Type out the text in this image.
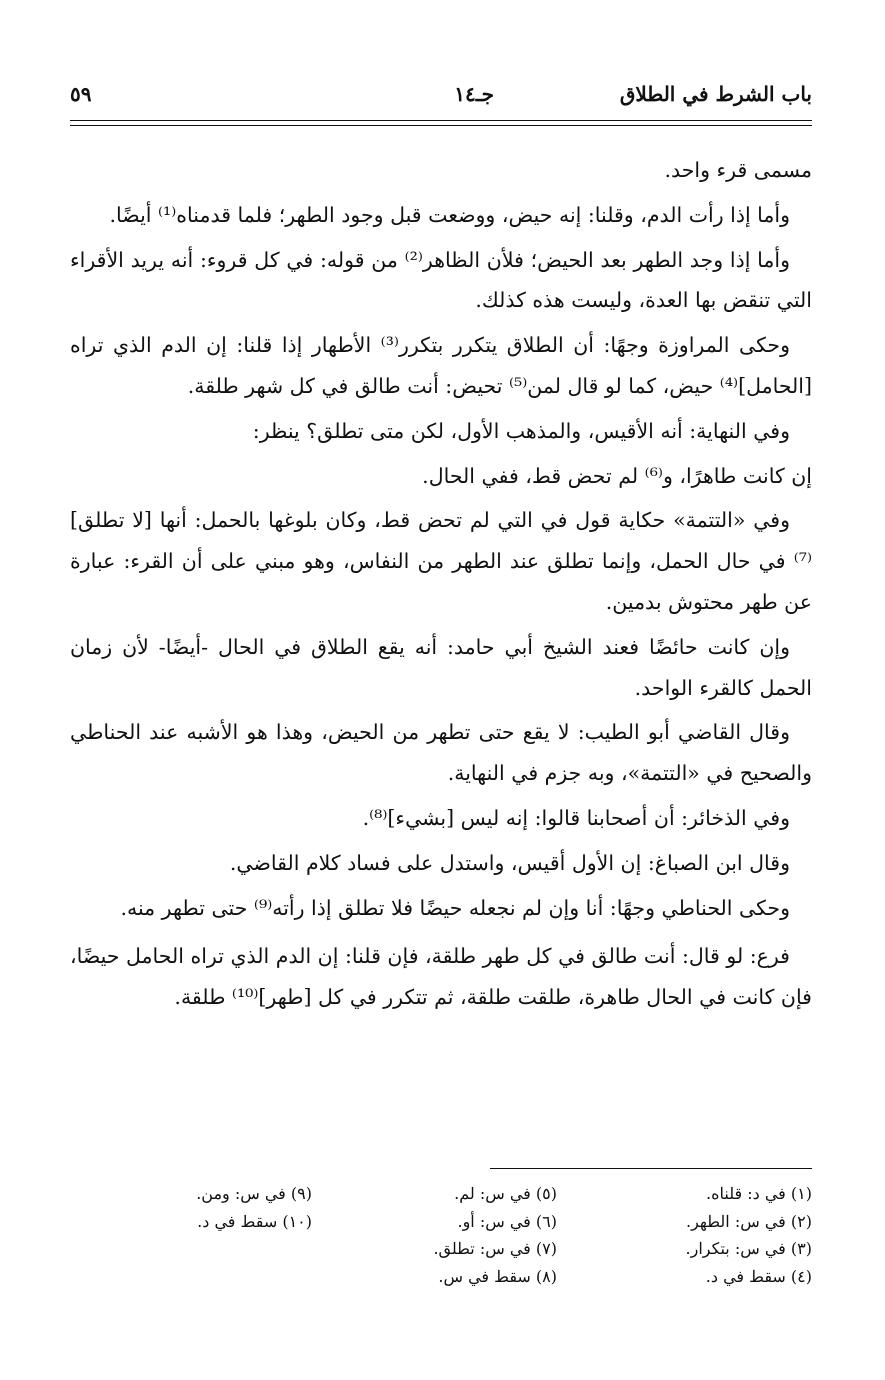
باب الشرط في الطلاق
جـ١٤
٥٩

مسمى قرء واحد.

وأما إذا رأت الدم، وقلنا: إنه حيض، ووضعت قبل وجود الطهر؛ فلما قدمناه⁽¹⁾ أيضًا.

وأما إذا وجد الطهر بعد الحيض؛ فلأن الظاهر⁽²⁾ من قوله: في كل قروء: أنه يريد الأقراء التي تنقض بها العدة، وليست هذه كذلك.

وحكى المراوزة وجهًا: أن الطلاق يتكرر بتكرر⁽³⁾ الأطهار إذا قلنا: إن الدم الذي تراه [الحامل]⁽⁴⁾ حيض، كما لو قال لمن⁽⁵⁾ تحيض: أنت طالق في كل شهر طلقة.

وفي النهاية: أنه الأقيس، والمذهب الأول، لكن متى تطلق؟ ينظر:

إن كانت طاهرًا، و⁽⁶⁾ لم تحض قط، ففي الحال.

وفي «التتمة» حكاية قول في التي لم تحض قط، وكان بلوغها بالحمل: أنها [لا تطلق]⁽⁷⁾ في حال الحمل، وإنما تطلق عند الطهر من النفاس، وهو مبني على أن القرء: عبارة عن طهر محتوش بدمين.

وإن كانت حائضًا فعند الشيخ أبي حامد: أنه يقع الطلاق في الحال -أيضًا- لأن زمان الحمل كالقرء الواحد.

وقال القاضي أبو الطيب: لا يقع حتى تطهر من الحيض، وهذا هو الأشبه عند الحناطي والصحيح في «التتمة»، وبه جزم في النهاية.

وفي الذخائر: أن أصحابنا قالوا: إنه ليس [بشيء]⁽⁸⁾.

وقال ابن الصباغ: إن الأول أقيس، واستدل على فساد كلام القاضي.

وحكى الحناطي وجهًا: أنا وإن لم نجعله حيضًا فلا تطلق إذا رأته⁽⁹⁾ حتى تطهر منه.

فرع: لو قال: أنت طالق في كل طهر طلقة، فإن قلنا: إن الدم الذي تراه الحامل حيضًا، فإن كانت في الحال طاهرة، طلقت طلقة، ثم تتكرر في كل [طهر]⁽¹⁰⁾ طلقة.

(١) في د: قلناه.
(٢) في س: الطهر.
(٣) في س: بتكرار.
(٤) سقط في د.
(٥) في س: لم.
(٦) في س: أو.
(٧) في س: تطلق.
(٨) سقط في س.
(٩) في س: ومن.
(١٠) سقط في د.
